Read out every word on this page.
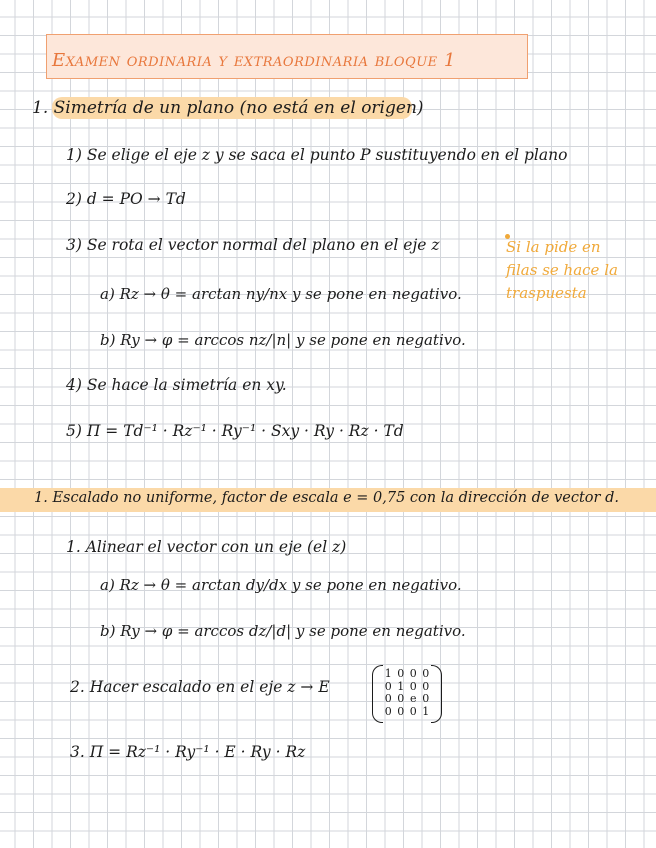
Examen ordinaria y extraordinaria bloque 1
1. Simetría de un plano (no está en el origen)
1) Se elige el eje z y se saca el punto P sustituyendo en el plano
2) d = PO → Td
3) Se rota el vector normal del plano en el eje z
a) Rz → θ = arctan ny/nx y se pone en negativo.
b) Ry → φ = arccos nz/|n| y se pone en negativo.
4) Se hace la simetría en xy.
5) Π = Td⁻¹ · Rz⁻¹ · Ry⁻¹ · Sxy · Ry · Rz · Td
Si la pide en filas se hace la traspuesta
1. Escalado no uniforme, factor de escala e = 0,75 con la dirección de vector d.
1. Alinear el vector con un eje (el z)
a) Rz → θ = arctan dy/dx y se pone en negativo.
b) Ry → φ = arccos dz/|d| y se pone en negativo.
2. Hacer escalado en el eje z → E
1 0 0 0
0 1 0 0
0 0 e 0
0 0 0 1
3. Π = Rz⁻¹ · Ry⁻¹ · E · Ry · Rz
